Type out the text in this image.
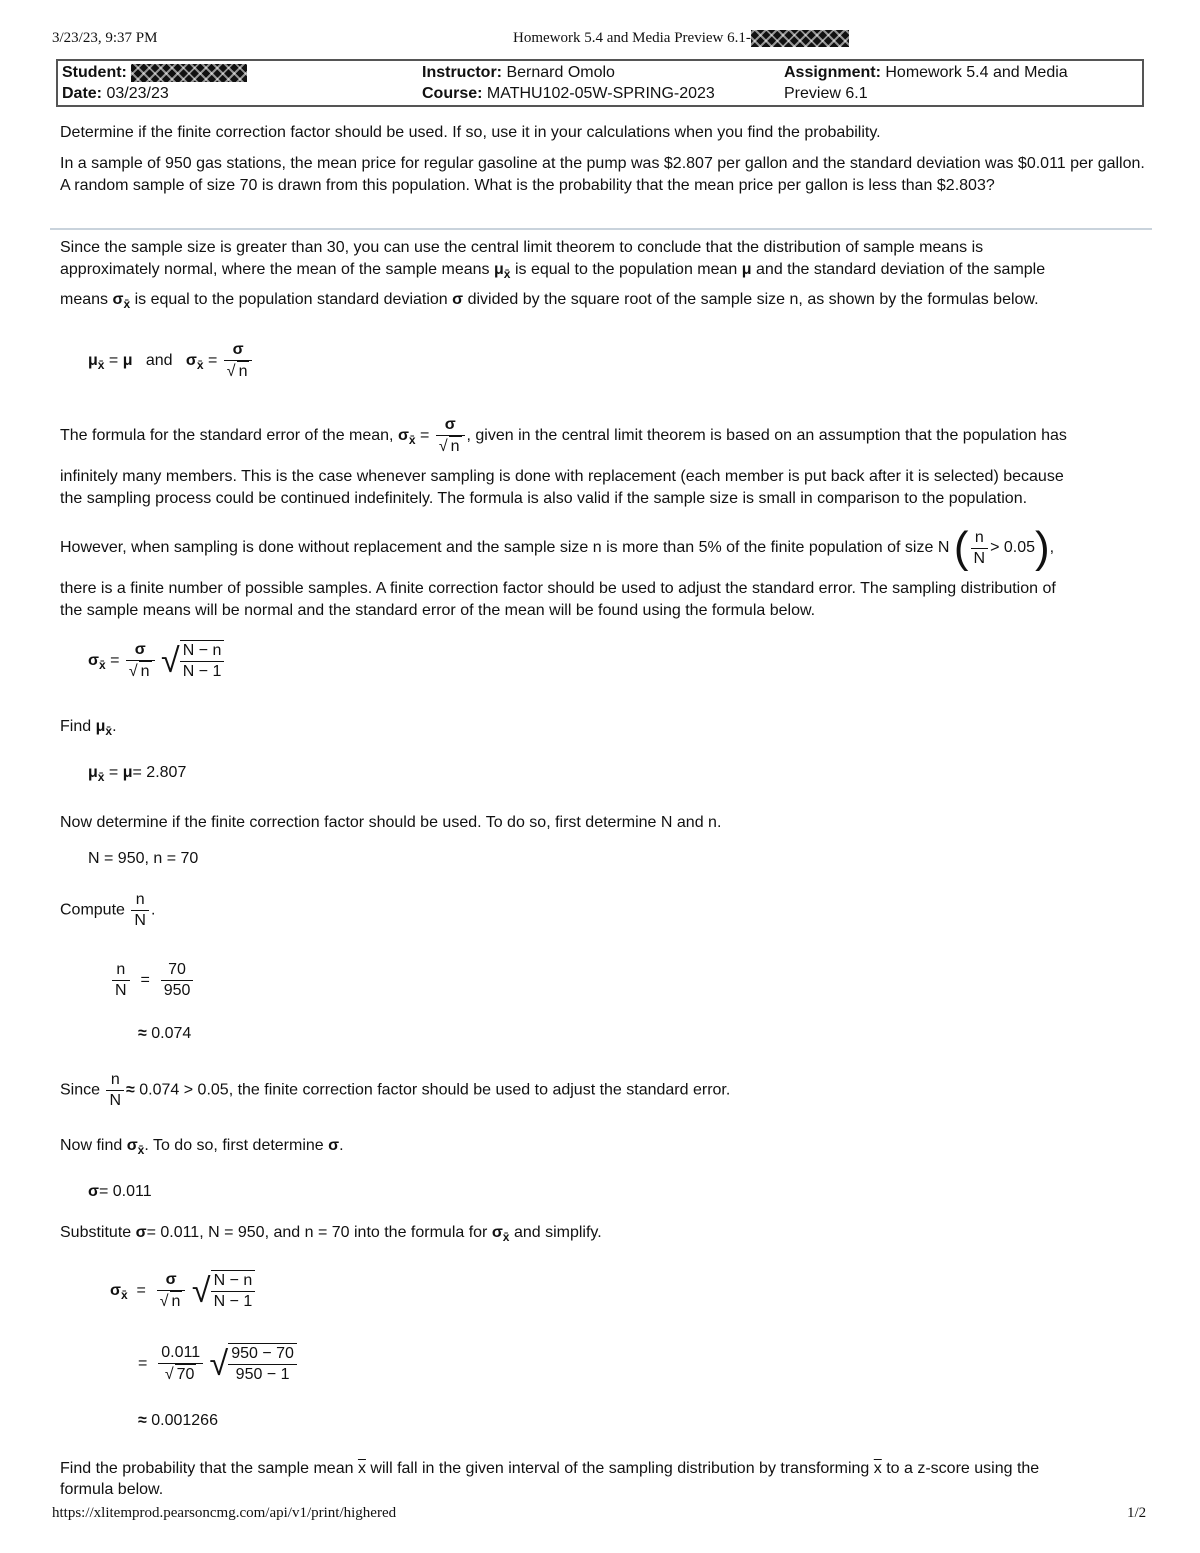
3/23/23, 9:37 PM	Homework 5.4 and Media Preview 6.1-
Student:
Date: 03/23/23
Instructor: Bernard Omolo
Course: MATHU102-05W-SPRING-2023
Assignment: Homework 5.4 and Media
Preview 6.1
Determine if the finite correction factor should be used. If so, use it in your calculations when you find the probability.
In a sample of 950 gas stations, the mean price for regular gasoline at the pump was $2.807 per gallon and the standard deviation was $0.011 per gallon. A random sample of size 70 is drawn from this population. What is the probability that the mean price per gallon is less than $2.803?
Since the sample size is greater than 30, you can use the central limit theorem to conclude that the distribution of sample means is
approximately normal, where the mean of the sample means $\mu_{x̄}$ is equal to the population mean μ and the standard deviation of the sample
means $\sigma_{x̄}$ is equal to the population standard deviation σ divided by the square root of the sample size n, as shown by the formulas below.
$\mu_{x̄} = \mu$ and $\sigma_{x̄} = \frac{\sigma}{√ n}$
The formula for the standard error of the mean, $\sigma_{x̄} = \frac{\sigma}{√ n}$ , given in the central limit theorem is based on an assumption that the population has
infinitely many members. This is the case whenever sampling is done with replacement (each member is put back after it is selected) because
the sampling process could be continued indefinitely. The formula is also valid if the sample size is small in comparison to the population.
However, when sampling is done without replacement and the sample size n is more than 5% of the finite population of size N ( $\frac{n}{N} > 0.05$),
there is a finite number of possible samples. A finite correction factor should be used to adjust the standard error. The sampling distribution of
the sample means will be normal and the standard error of the mean will be found using the formula below.
$\sigma_{x̄} = \frac{\sigma}{√ n}$ √ $\frac{N - n}{N - 1}$
Find $\mu_{x̄}$.
$\mu_{x̄} = \mu= 2.807$
Now determine if the finite correction factor should be used. To do so, first determine N and n.
N = 950, n = 70
Compute $\frac{n}{N}$ .
$\frac{n}{N} = \frac{70}{950}$
≈ 0.074
Since $\frac{n}{N} \approx 0.074 > 0.05$, the finite correction factor should be used to adjust the standard error.
Now find $\sigma_{x̄}$. To do so, first determine σ.
σ= 0.011
Substitute σ= 0.011, N = 950, and n = 70 into the formula for $\sigma_{x̄}$ and simplify.
$\sigma_{x̄} = \frac{\sigma}{√ n}$ √ $\frac{N - n}{N - 1}$
= $\frac{0.011}{√ 70}$ √ $\frac{950 - 70}{950 - 1}$
≈ 0.001266
Find the probability that the sample mean $\overline{x}$ will fall in the given interval of the sampling distribution by transforming $\overline{x}$ to a z-score using the
formula below.
https://xlitemprod.pearsoncmg.com/api/v1/print/highered	1/2
